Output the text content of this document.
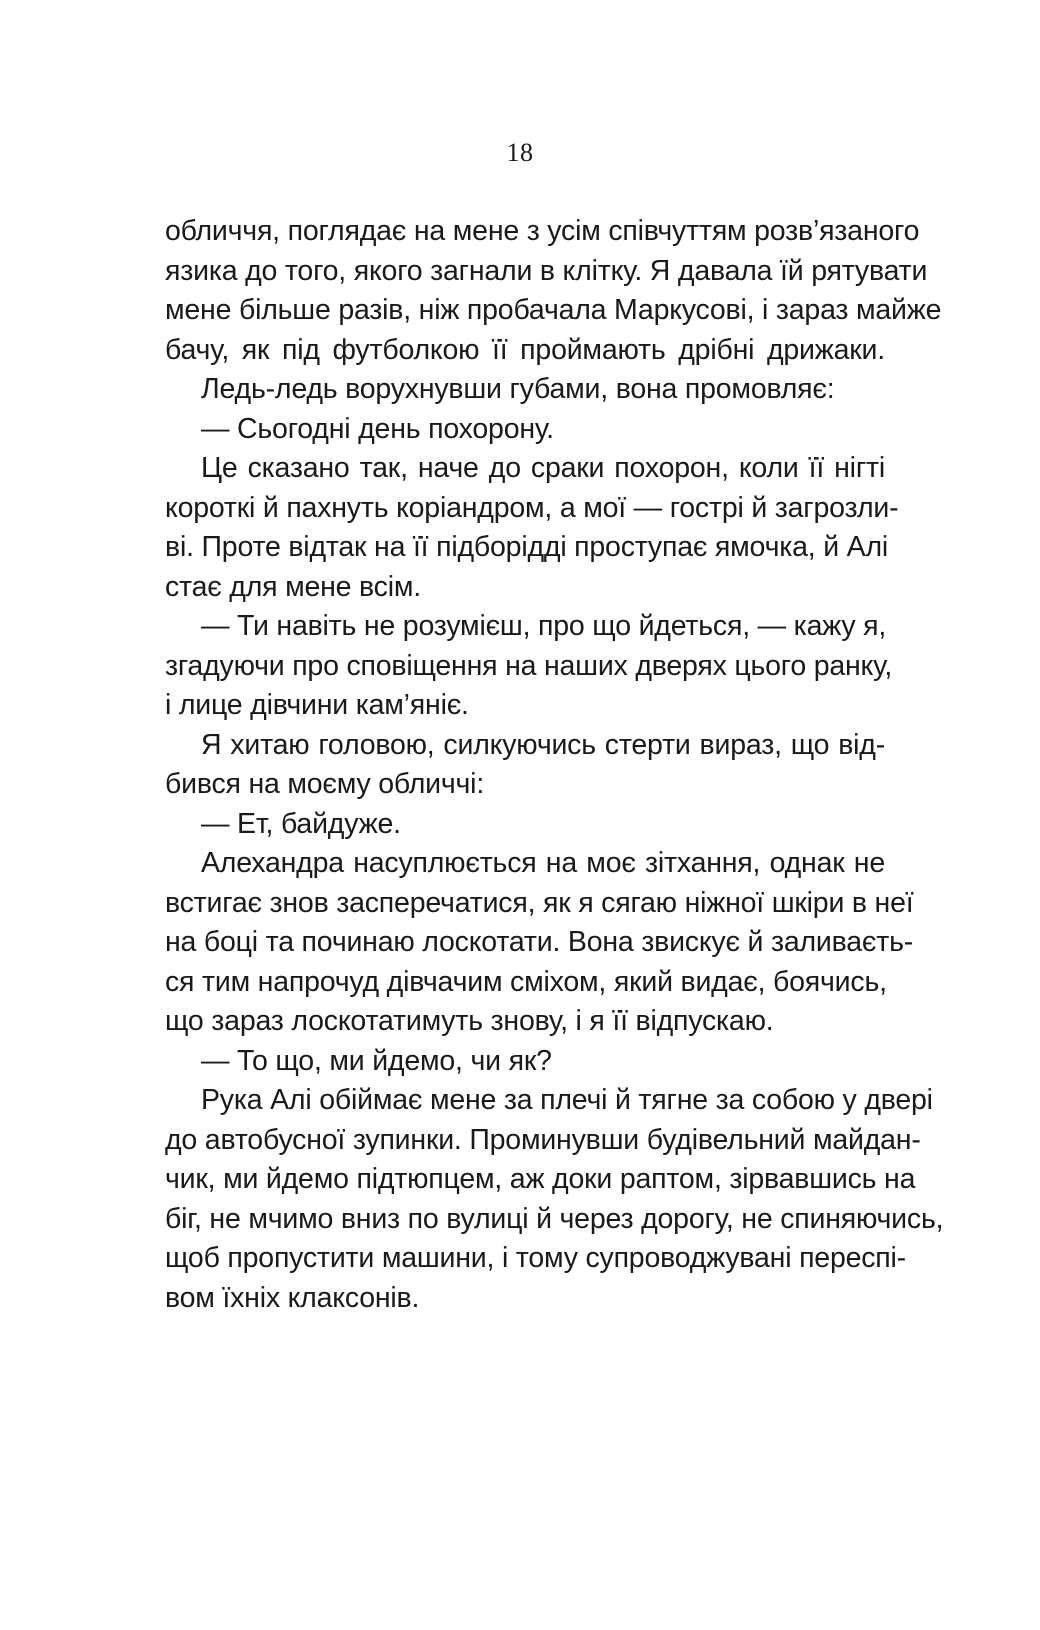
18
обличчя, поглядає на мене з усім співчуттям розв’язаного
язика до того, якого загнали в клітку. Я давала їй рятувати
мене більше разів, ніж пробачала Маркусові, і зараз майже
бачу, як під футболкою її проймають дрібні дрижаки.
Ледь-ледь ворухнувши губами, вона промовляє:
— Сьогодні день похорону.
Це сказано так, наче до сраки похорон, коли її нігті
короткі й пахнуть коріандром, а мої — гострі й загрозли-
ві. Проте відтак на її підборідді проступає ямочка, й Алі
стає для мене всім.
— Ти навіть не розумієш, про що йдеться, — кажу я,
згадуючи про сповіщення на наших дверях цього ранку,
і лице дівчини кам’яніє.
Я хитаю головою, силкуючись стерти вираз, що від-
бився на моєму обличчі:
— Ет, байдуже.
Алехандра насуплюється на моє зітхання, однак не
встигає знов засперечатися, як я сягаю ніжної шкіри в неї
на боці та починаю лоскотати. Вона звискує й заливаєть-
ся тим напрочуд дівчачим сміхом, який видає, боячись,
що зараз лоскотатимуть знову, і я її відпускаю.
— То що, ми йдемо, чи як?
Рука Алі обіймає мене за плечі й тягне за собою у двері
до автобусної зупинки. Проминувши будівельний майдан-
чик, ми йдемо підтюпцем, аж доки раптом, зірвавшись на
біг, не мчимо вниз по вулиці й через дорогу, не спиняючись,
щоб пропустити машини, і тому супроводжувані переспі-
вом їхніх клаксонів.
